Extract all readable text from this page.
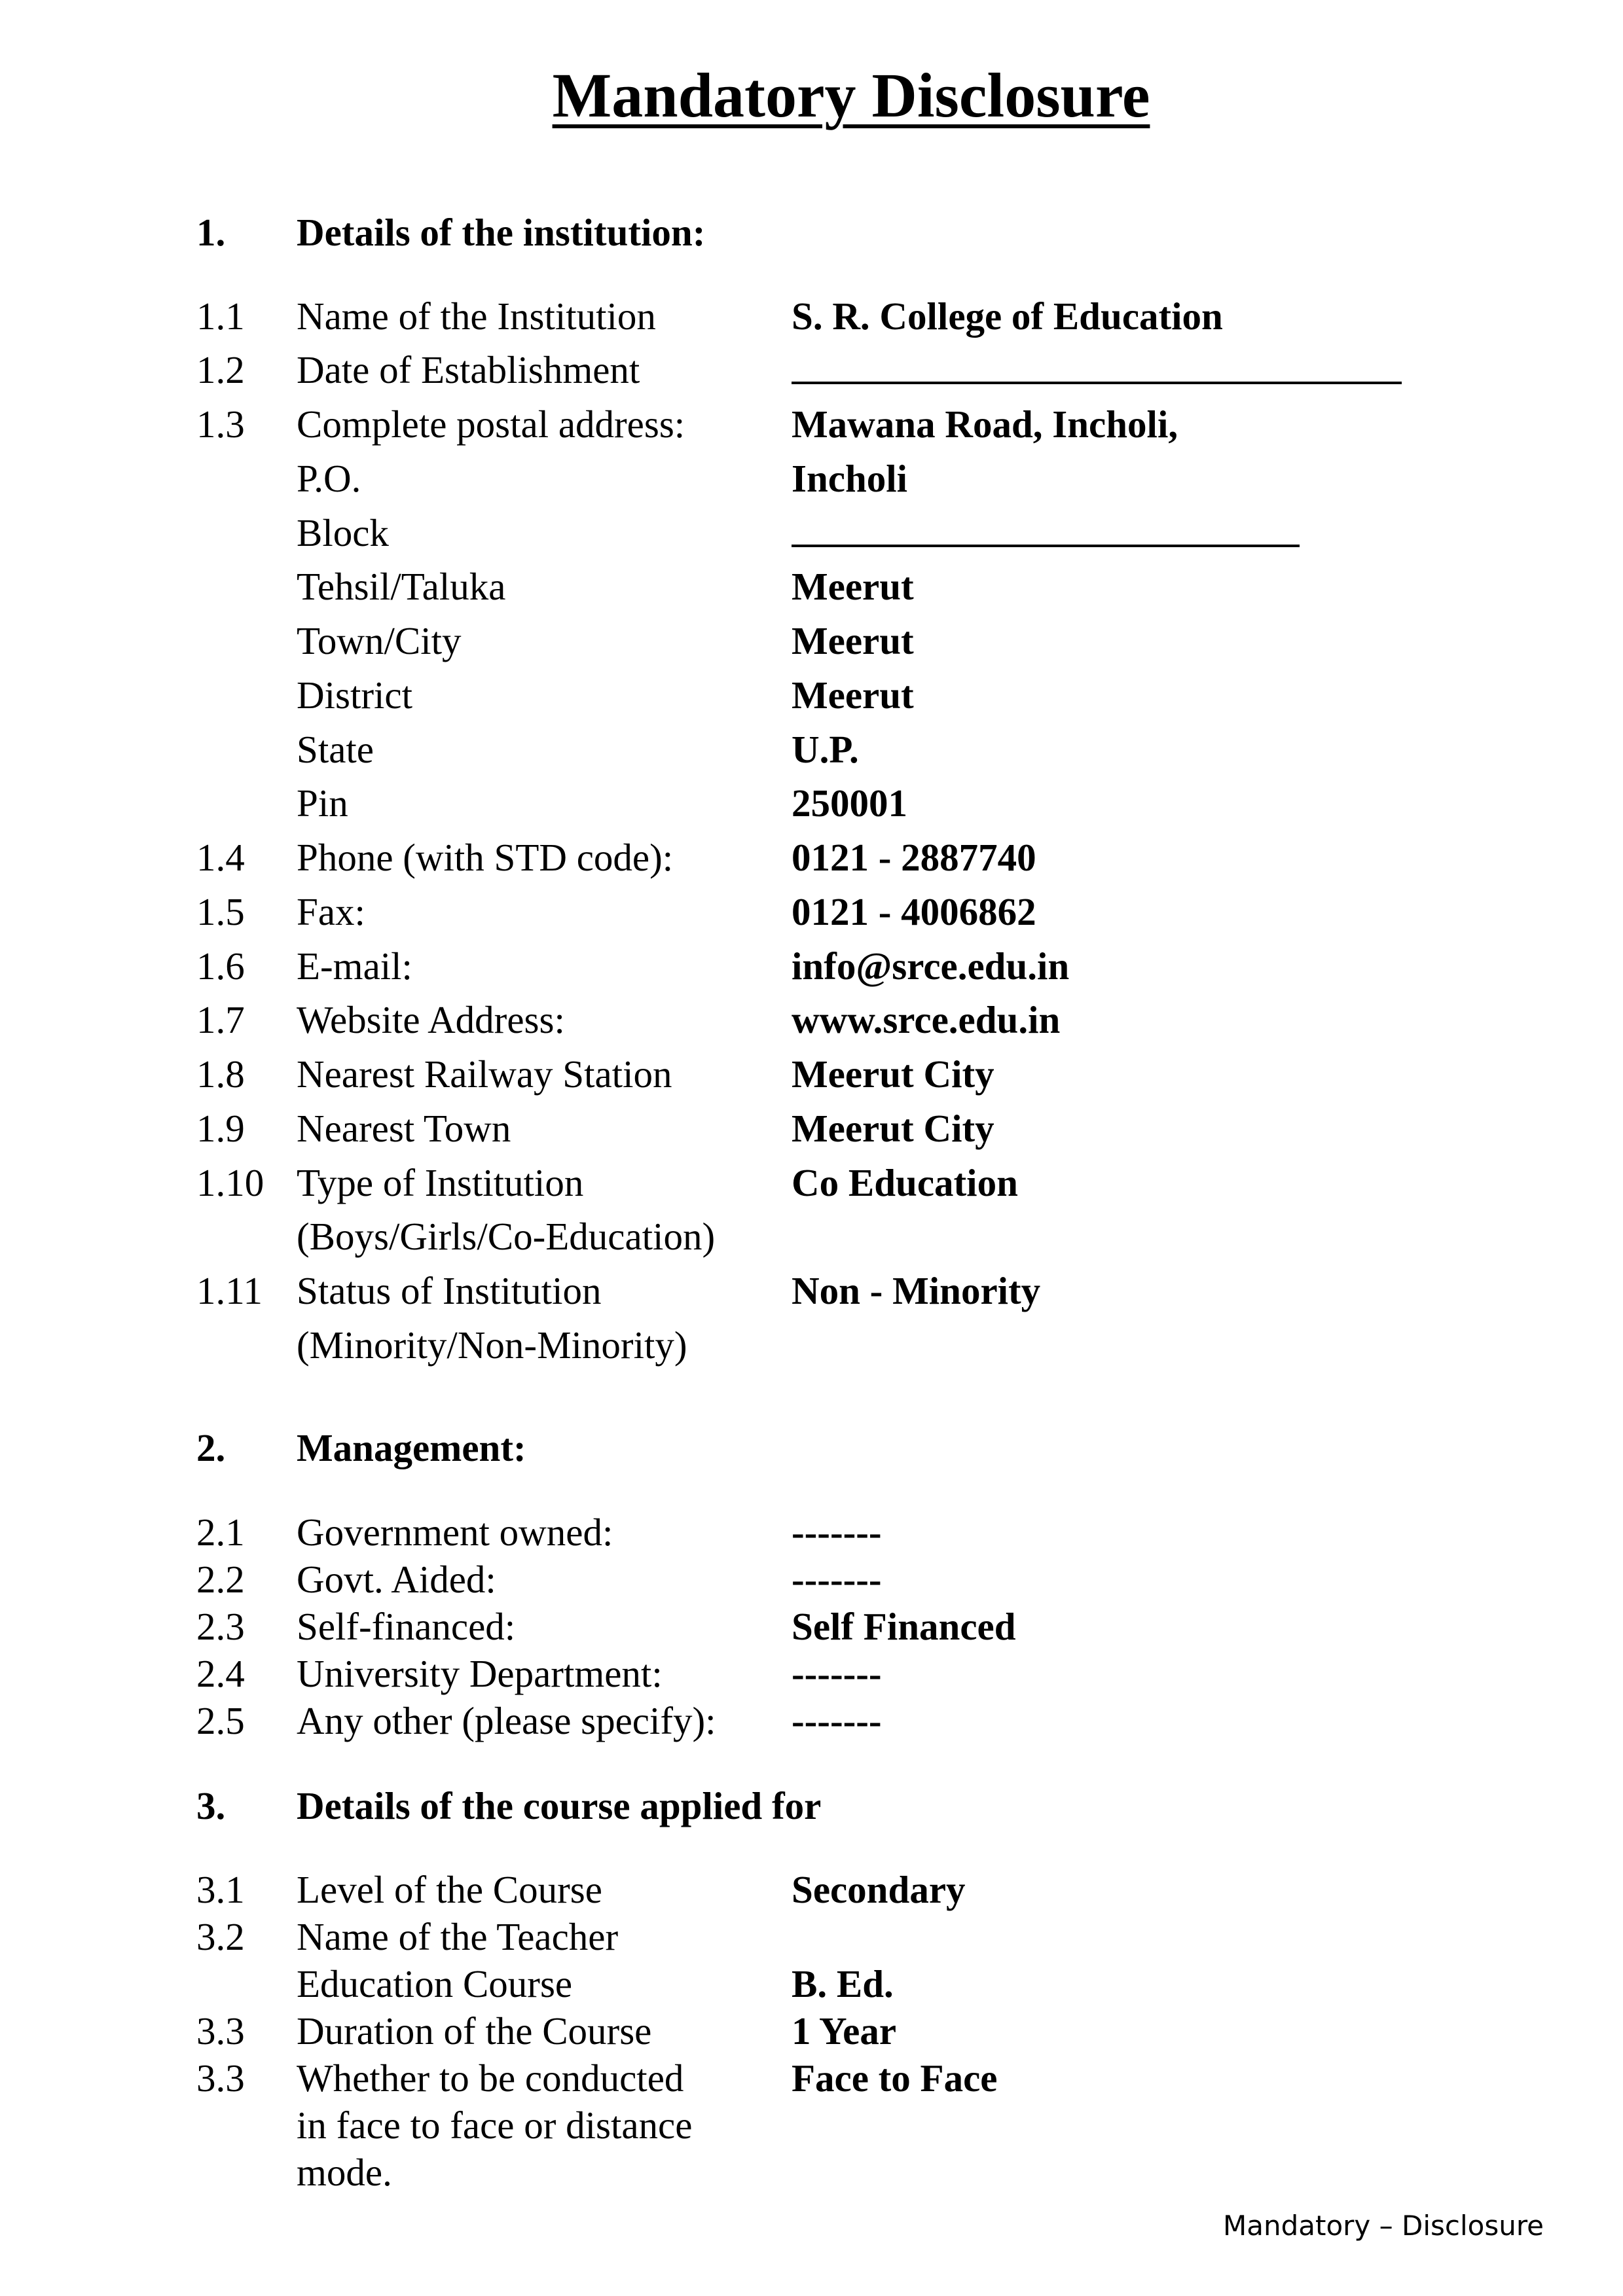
Mandatory Disclosure
1. Details of the institution:
1.1 Name of the Institution	S. R. College of Education
1.2 Date of Establishment
1.3 Complete postal address:	Mawana Road, Incholi,
P.O.	Incholi
Block
Tehsil/Taluka	Meerut
Town/City	Meerut
District	Meerut
State	U.P.
Pin	250001
1.4 Phone (with STD code):	0121 - 2887740
1.5 Fax:	0121 - 4006862
1.6 E-mail:	info@srce.edu.in
1.7 Website Address:	www.srce.edu.in
1.8 Nearest Railway Station	Meerut City
1.9 Nearest Town	Meerut City
1.10 Type of Institution	Co Education
(Boys/Girls/Co-Education)
1.11 Status of Institution	Non - Minority
(Minority/Non-Minority)
2. Management:
2.1 Government owned:	-------
2.2 Govt. Aided:	-------
2.3 Self-financed:	Self Financed
2.4 University Department:	-------
2.5 Any other (please specify): -------
3. Details of the course applied for
3.1 Level of the Course	Secondary
3.2 Name of the Teacher
Education Course	B. Ed.
3.3 Duration of the Course	1 Year
3.3 Whether to be conducted	Face to Face
in face to face or distance
mode.
Mandatory – Disclosure
